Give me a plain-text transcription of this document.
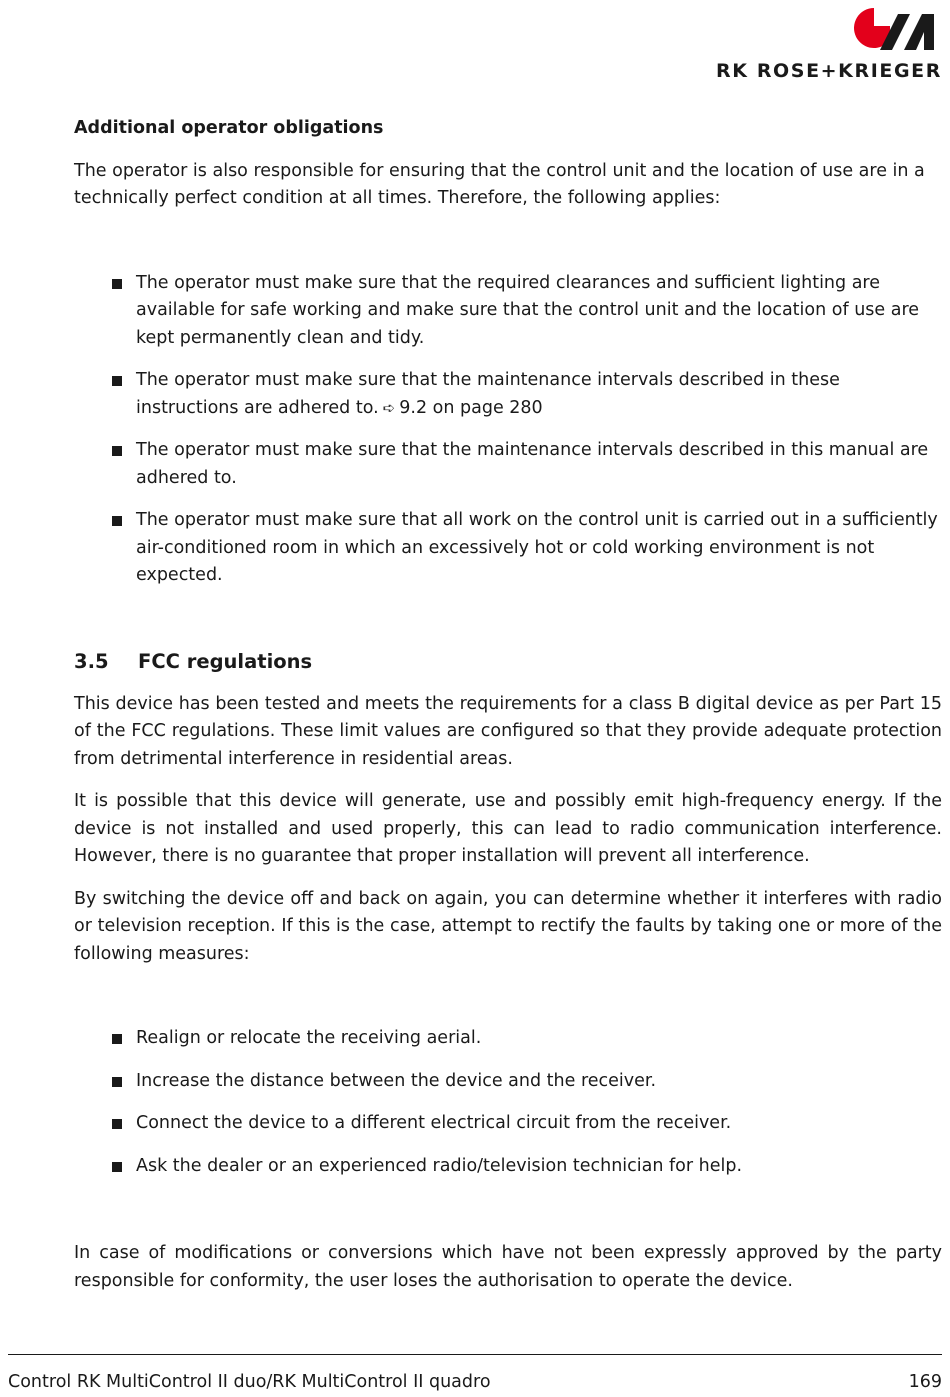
RK ROSE+KRIEGER
Additional operator obligations

The operator is also responsible for ensuring that the control unit and the location of use are in a technically perfect condition at all times. Therefore, the following applies:

The operator must make sure that the required clearances and sufficient lighting are available for safe working and make sure that the control unit and the location of use are kept permanently clean and tidy.
The operator must make sure that the maintenance intervals described in these instructions are adhered to. ➪ 9.2 on page 280
The operator must make sure that the maintenance intervals described in this manual are adhered to.
The operator must make sure that all work on the control unit is carried out in a sufficiently air-conditioned room in which an excessively hot or cold working environment is not expected.
3.5 FCC regulations

This device has been tested and meets the requirements for a class B digital device as per Part 15 of the FCC regulations. These limit values are configured so that they provide adequate protection from detrimental interference in residential areas.

It is possible that this device will generate, use and possibly emit high-frequency energy. If the device is not installed and used properly, this can lead to radio communication interference. However, there is no guarantee that proper installation will prevent all interference.

By switching the device off and back on again, you can determine whether it interferes with radio or television reception. If this is the case, attempt to rectify the faults by taking one or more of the following measures:

Realign or relocate the receiving aerial.
Increase the distance between the device and the receiver.
Connect the device to a different electrical circuit from the receiver.
Ask the dealer or an experienced radio/television technician for help.

In case of modifications or conversions which have not been expressly approved by the party responsible for conformity, the user loses the authorisation to operate the device.

Control RK MultiControl II duo/RK MultiControl II quadro	169
